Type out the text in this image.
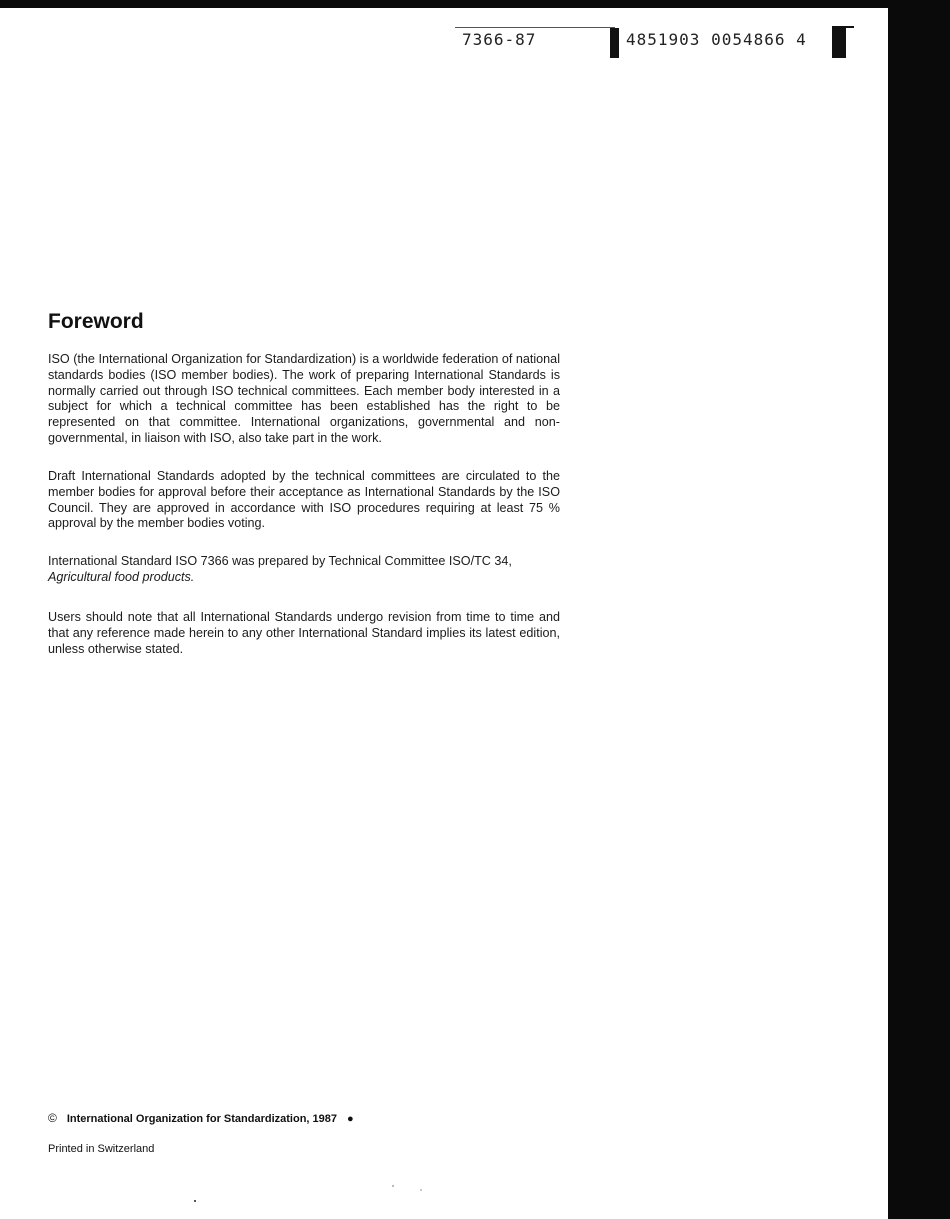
7366-87	4851903 0054866 4
Foreword

ISO (the International Organization for Standardization) is a worldwide federation of national standards bodies (ISO member bodies). The work of preparing International Standards is normally carried out through ISO technical committees. Each member body interested in a subject for which a technical committee has been established has the right to be represented on that committee. International organizations, governmental and non-governmental, in liaison with ISO, also take part in the work.

Draft International Standards adopted by the technical committees are circulated to the member bodies for approval before their acceptance as International Standards by the ISO Council. They are approved in accordance with ISO procedures requiring at least 75 % approval by the member bodies voting.

International Standard ISO 7366 was prepared by Technical Committee ISO/TC 34,
Agricultural food products.

Users should note that all International Standards undergo revision from time to time and that any reference made herein to any other International Standard implies its latest edition, unless otherwise stated.

© International Organization for Standardization, 1987 ●
Printed in Switzerland
